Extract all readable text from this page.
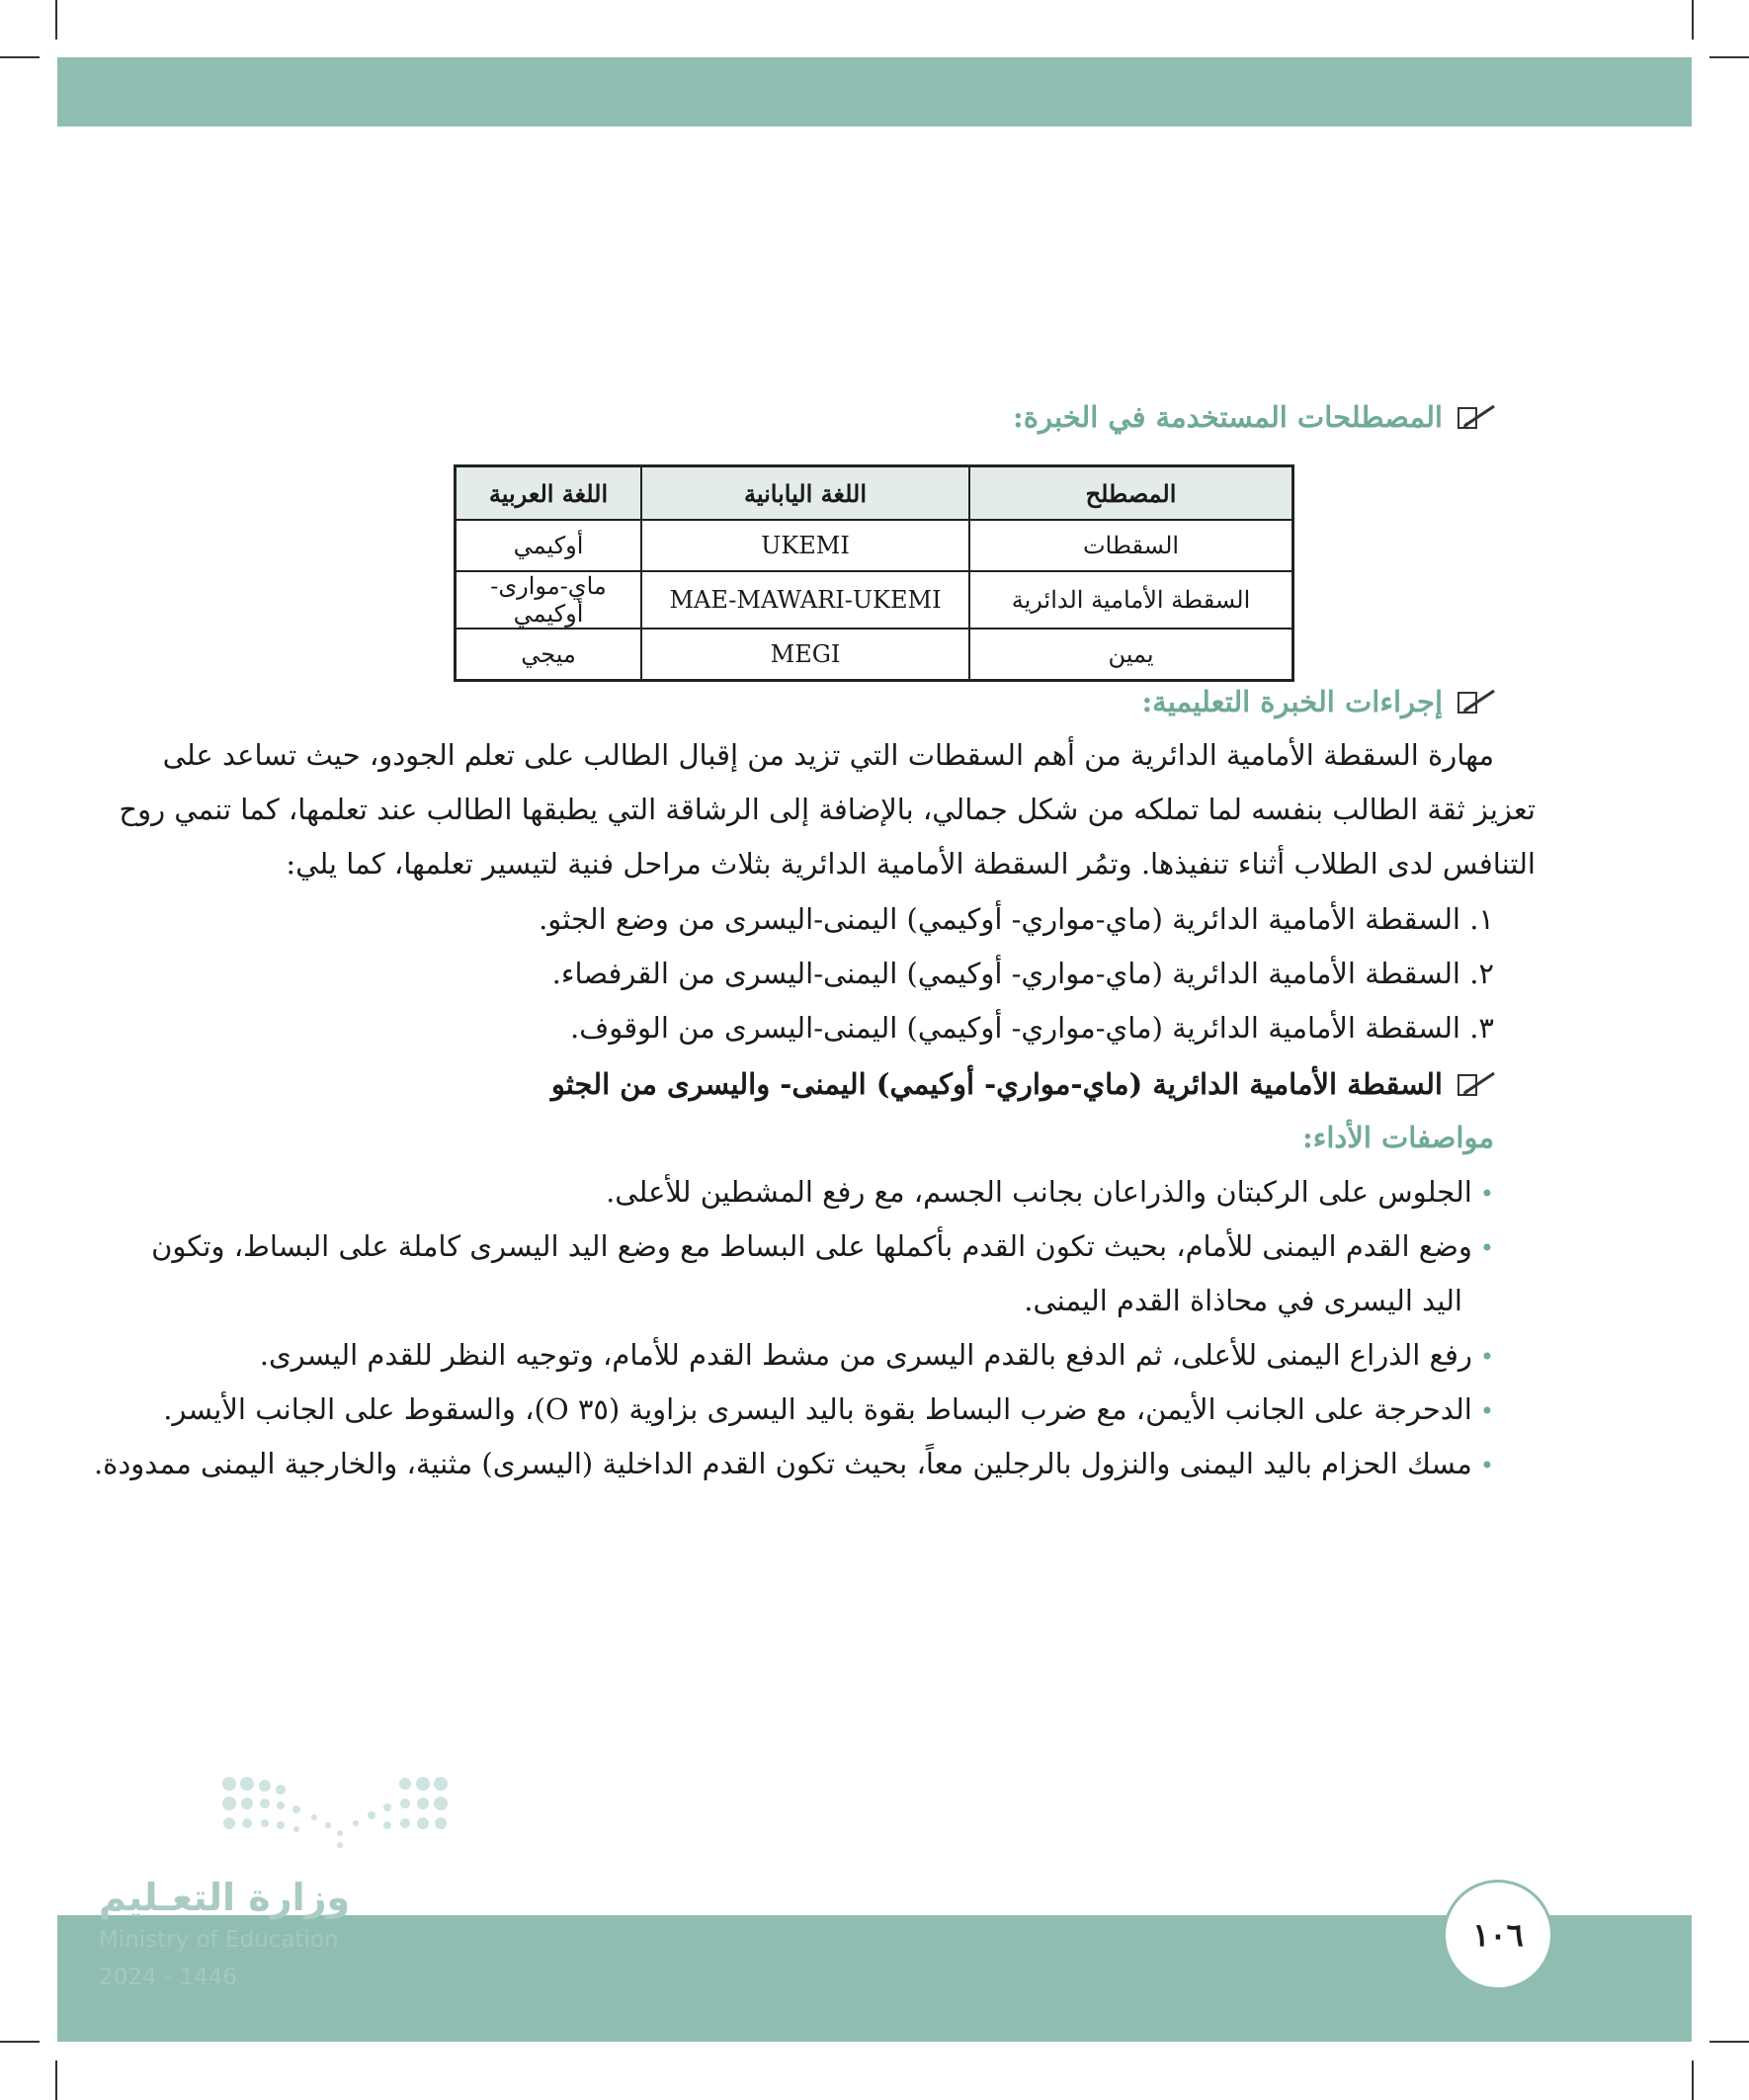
المصطلحات المستخدمة في الخبرة:
المصطلح	اللغة اليابانية	اللغة العربية
السقطات	UKEMI	أوكيمي
السقطة الأمامية الدائرية	MAE-MAWARI-UKEMI	ماي-موارى-أوكيمي
يمين	MEGI	ميجي
إجراءات الخبرة التعليمية:
مهارة السقطة الأمامية الدائرية من أهم السقطات التي تزيد من إقبال الطالب على تعلم الجودو، حيث تساعد على
تعزيز ثقة الطالب بنفسه لما تملكه من شكل جمالي، بالإضافة إلى الرشاقة التي يطبقها الطالب عند تعلمها، كما تنمي روح
التنافس لدى الطلاب أثناء تنفيذها. وتمُر السقطة الأمامية الدائرية بثلاث مراحل فنية لتيسير تعلمها، كما يلي:
١. السقطة الأمامية الدائرية (ماي-مواري- أوكيمي) اليمنى-اليسرى من وضع الجثو.
٢. السقطة الأمامية الدائرية (ماي-مواري- أوكيمي) اليمنى-اليسرى من القرفصاء.
٣. السقطة الأمامية الدائرية (ماي-مواري- أوكيمي) اليمنى-اليسرى من الوقوف.
السقطة الأمامية الدائرية (ماي-مواري- أوكيمي) اليمنى- واليسرى من الجثو
مواصفات الأداء:
•الجلوس على الركبتان والذراعان بجانب الجسم، مع رفع المشطين للأعلى.
•وضع القدم اليمنى للأمام، بحيث تكون القدم بأكملها على البساط مع وضع اليد اليسرى كاملة على البساط، وتكون
اليد اليسرى في محاذاة القدم اليمنى.
•رفع الذراع اليمنى للأعلى، ثم الدفع بالقدم اليسرى من مشط القدم للأمام، وتوجيه النظر للقدم اليسرى.
•الدحرجة على الجانب الأيمن، مع ضرب البساط بقوة باليد اليسرى بزاوية (٣٥ O)، والسقوط على الجانب الأيسر.
•مسك الحزام باليد اليمنى والنزول بالرجلين معاً، بحيث تكون القدم الداخلية (اليسرى) مثنية، والخارجية اليمنى ممدودة.
وزارة التعـليم
Ministry of Education
2024 - 1446
١٠٦
